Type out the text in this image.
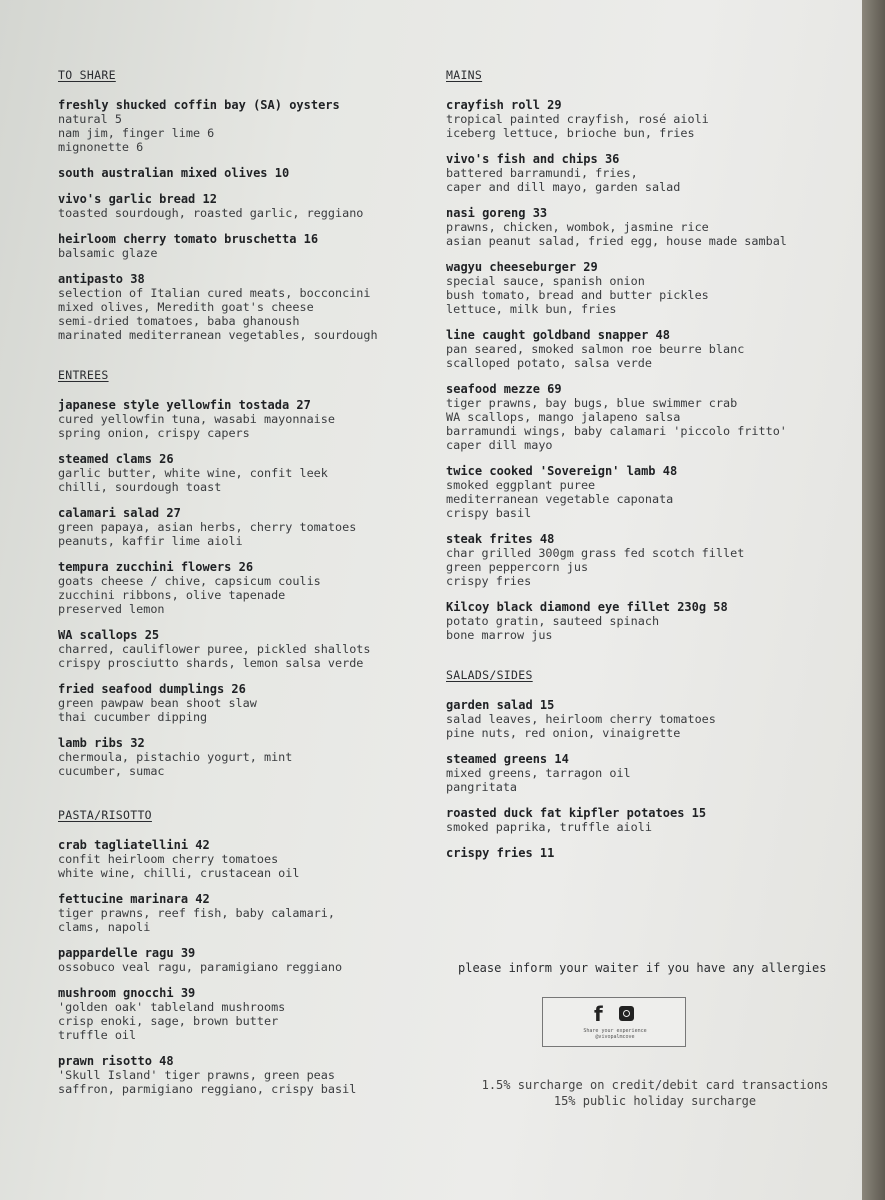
TO SHARE
freshly shucked coffin bay (SA) oysters
natural 5
nam jim, finger lime 6
mignonette 6
south australian mixed olives 10
vivo's garlic bread 12
toasted sourdough, roasted garlic, reggiano
heirloom cherry tomato bruschetta 16
balsamic glaze
antipasto 38
selection of Italian cured meats, bocconcini
mixed olives, Meredith goat's cheese
semi-dried tomatoes, baba ghanoush
marinated mediterranean vegetables, sourdough
ENTREES
japanese style yellowfin tostada 27
cured yellowfin tuna, wasabi mayonnaise
spring onion, crispy capers
steamed clams 26
garlic butter, white wine, confit leek
chilli, sourdough toast
calamari salad 27
green papaya, asian herbs, cherry tomatoes
peanuts, kaffir lime aioli
tempura zucchini flowers 26
goats cheese / chive, capsicum coulis
zucchini ribbons, olive tapenade
preserved lemon
WA scallops 25
charred, cauliflower puree, pickled shallots
crispy prosciutto shards, lemon salsa verde
fried seafood dumplings 26
green pawpaw bean shoot slaw
thai cucumber dipping
lamb ribs 32
chermoula, pistachio yogurt, mint
cucumber, sumac
PASTA/RISOTTO
crab tagliatellini 42
confit heirloom cherry tomatoes
white wine, chilli, crustacean oil
fettucine marinara 42
tiger prawns, reef fish, baby calamari,
clams, napoli
pappardelle ragu 39
ossobuco veal ragu, paramigiano reggiano
mushroom gnocchi 39
'golden oak' tableland mushrooms
crisp enoki, sage, brown butter
truffle oil
prawn risotto 48
'Skull Island' tiger prawns, green peas
saffron, parmigiano reggiano, crispy basil
MAINS
crayfish roll 29
tropical painted crayfish, rosé aioli
iceberg lettuce, brioche bun, fries
vivo's fish and chips 36
battered barramundi, fries,
caper and dill mayo, garden salad
nasi goreng 33
prawns, chicken, wombok, jasmine rice
asian peanut salad, fried egg, house made sambal
wagyu cheeseburger 29
special sauce, spanish onion
bush tomato, bread and butter pickles
lettuce, milk bun, fries
line caught goldband snapper 48
pan seared, smoked salmon roe beurre blanc
scalloped potato, salsa verde
seafood mezze 69
tiger prawns, bay bugs, blue swimmer crab
WA scallops, mango jalapeno salsa
barramundi wings, baby calamari 'piccolo fritto'
caper dill mayo
twice cooked 'Sovereign' lamb 48
smoked eggplant puree
mediterranean vegetable caponata
crispy basil
steak frites 48
char grilled 300gm grass fed scotch fillet
green peppercorn jus
crispy fries
Kilcoy black diamond eye fillet 230g 58
potato gratin, sauteed spinach
bone marrow jus
SALADS/SIDES
garden salad 15
salad leaves, heirloom cherry tomatoes
pine nuts, red onion, vinaigrette
steamed greens 14
mixed greens, tarragon oil
pangritata
roasted duck fat kipfler potatoes 15
smoked paprika, truffle aioli
crispy fries 11
please inform your waiter if you have any allergies
f
Share your experience
@vivopalmcove
1.5% surcharge on credit/debit card transactions
15% public holiday surcharge
